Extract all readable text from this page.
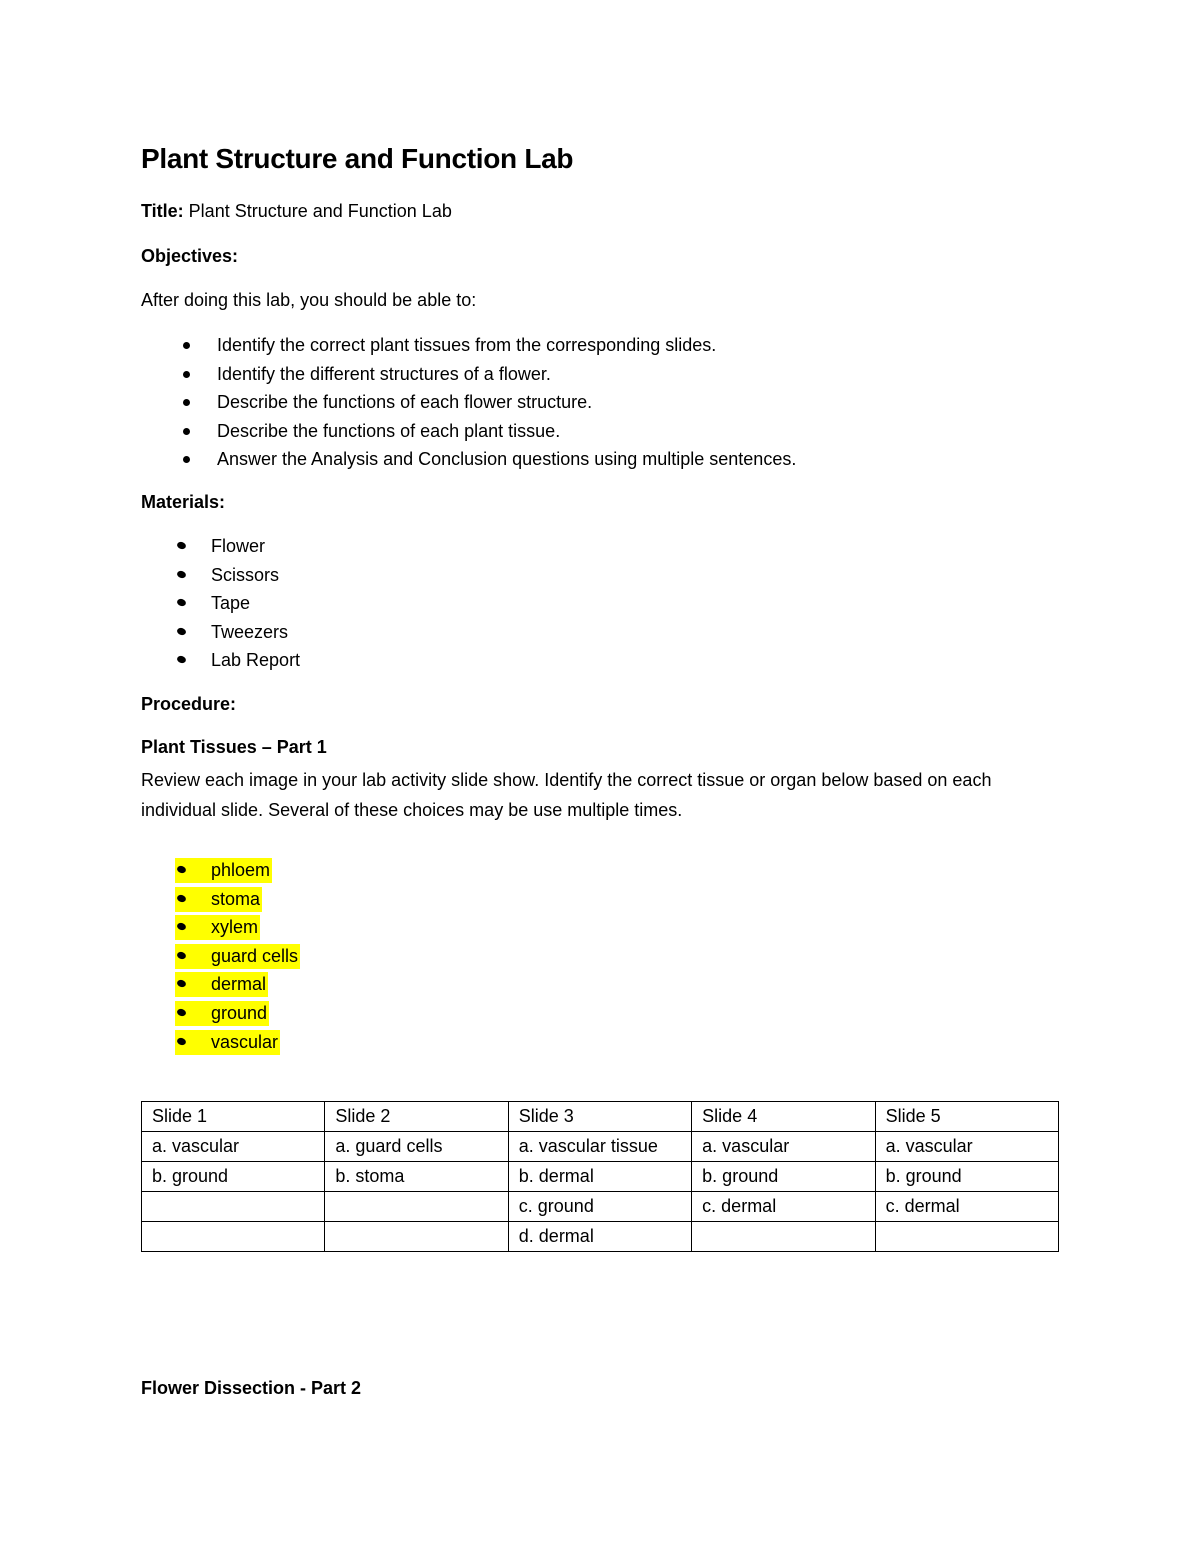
Plant Structure and Function Lab
Title: Plant Structure and Function Lab
Objectives:
After doing this lab, you should be able to:
Identify the correct plant tissues from the corresponding slides.
Identify the different structures of a flower.
Describe the functions of each flower structure.
Describe the functions of each plant tissue.
Answer the Analysis and Conclusion questions using multiple sentences.
Materials:
Flower
Scissors
Tape
Tweezers
Lab Report
Procedure:
Plant Tissues – Part 1
Review each image in your lab activity slide show. Identify the correct tissue or organ below based on each individual slide. Several of these choices may be use multiple times.
phloem
stoma
xylem
guard cells
dermal
ground
vascular
Slide 1	Slide 2	Slide 3	Slide 4	Slide 5
a. vascular	a. guard cells	a. vascular tissue	a. vascular	a. vascular
b. ground	b. stoma	b. dermal	b. ground	b. ground
		c. ground	c. dermal	c. dermal
		d. dermal		
Flower Dissection - Part 2
